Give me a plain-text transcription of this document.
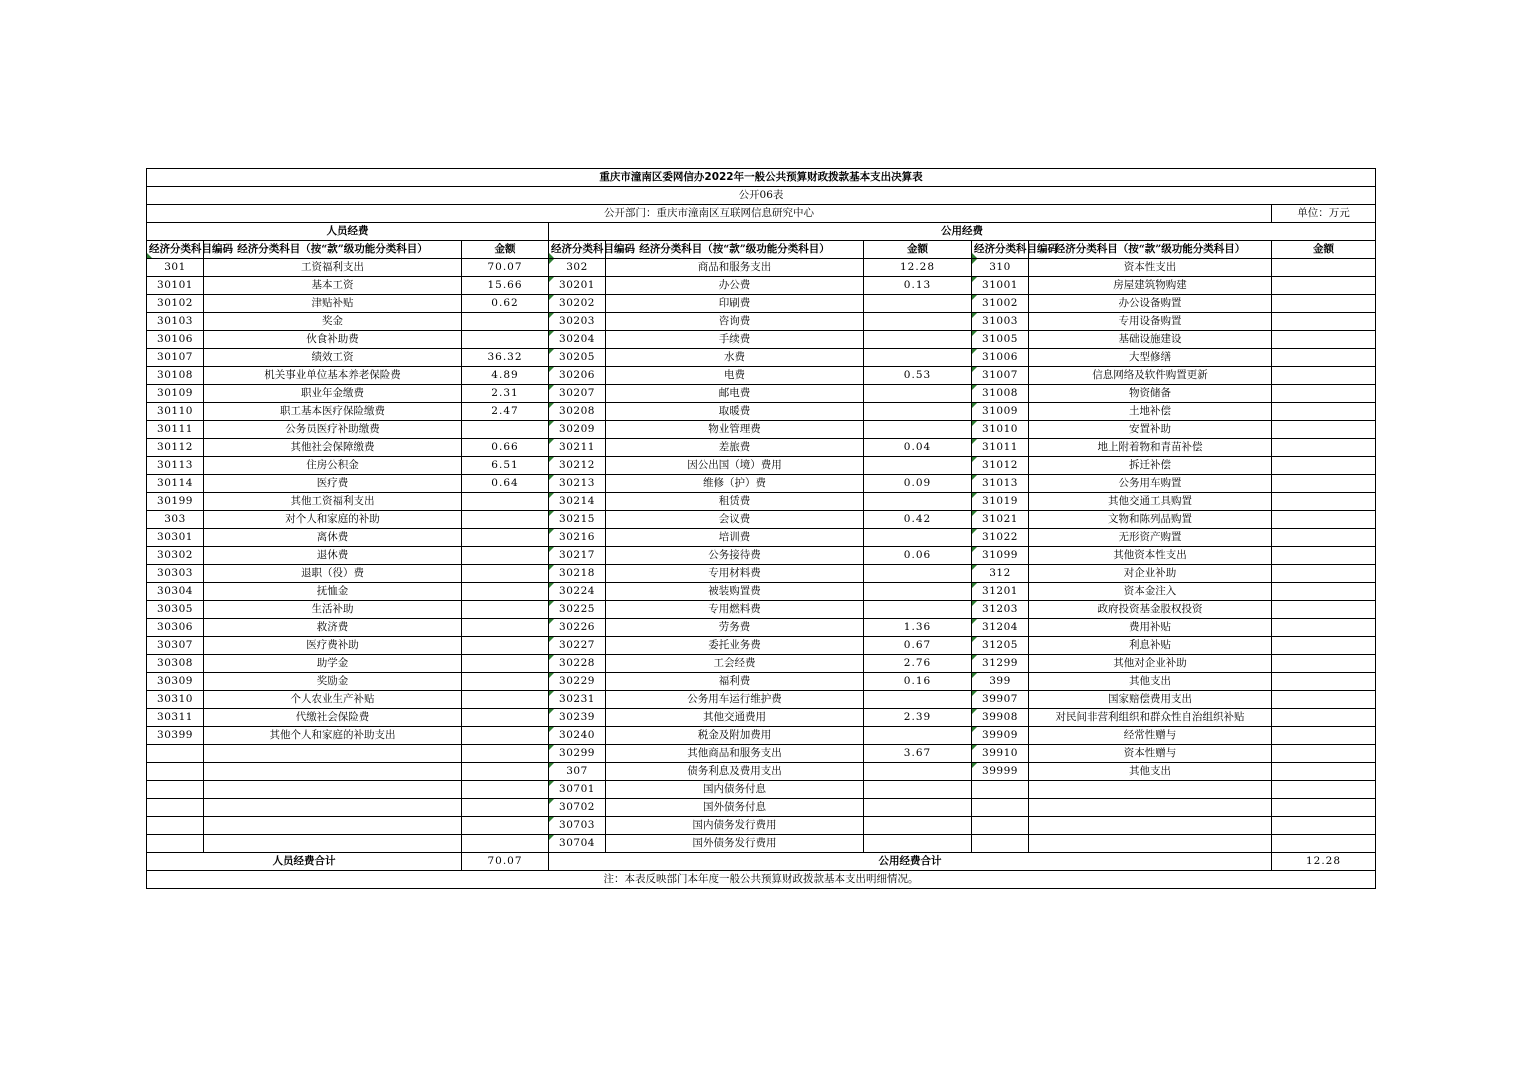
重庆市潼南区委网信办2022年一般公共预算财政拨款基本支出决算表								
公开06表								
公开部门：重庆市潼南区互联网信息研究中心								单位：万元
人员经费			公用经费					
经济分类科目编码	经济分类科目（按“款”级功能分类科目）	金额	经济分类科目编码	经济分类科目（按“款”级功能分类科目）	金额	经济分类科目编码	经济分类科目（按“款”级功能分类科目）	金额
301	工资福利支出	70.07	302	商品和服务支出	12.28	310	资本性支出	
30101	基本工资	15.66	30201	办公费	0.13	31001	房屋建筑物购建	
30102	津贴补贴	0.62	30202	印刷费		31002	办公设备购置	
30103	奖金		30203	咨询费		31003	专用设备购置	
30106	伙食补助费		30204	手续费		31005	基础设施建设	
30107	绩效工资	36.32	30205	水费		31006	大型修缮	
30108	机关事业单位基本养老保险费	4.89	30206	电费	0.53	31007	信息网络及软件购置更新	
30109	职业年金缴费	2.31	30207	邮电费		31008	物资储备	
30110	职工基本医疗保险缴费	2.47	30208	取暖费		31009	土地补偿	
30111	公务员医疗补助缴费		30209	物业管理费		31010	安置补助	
30112	其他社会保障缴费	0.66	30211	差旅费	0.04	31011	地上附着物和青苗补偿	
30113	住房公积金	6.51	30212	因公出国（境）费用		31012	拆迁补偿	
30114	医疗费	0.64	30213	维修（护）费	0.09	31013	公务用车购置	
30199	其他工资福利支出		30214	租赁费		31019	其他交通工具购置	
303	对个人和家庭的补助		30215	会议费	0.42	31021	文物和陈列品购置	
30301	离休费		30216	培训费		31022	无形资产购置	
30302	退休费		30217	公务接待费	0.06	31099	其他资本性支出	
30303	退职（役）费		30218	专用材料费		312	对企业补助	
30304	抚恤金		30224	被装购置费		31201	资本金注入	
30305	生活补助		30225	专用燃料费		31203	政府投资基金股权投资	
30306	救济费		30226	劳务费	1.36	31204	费用补贴	
30307	医疗费补助		30227	委托业务费	0.67	31205	利息补贴	
30308	助学金		30228	工会经费	2.76	31299	其他对企业补助	
30309	奖励金		30229	福利费	0.16	399	其他支出	
30310	个人农业生产补贴		30231	公务用车运行维护费		39907	国家赔偿费用支出	
30311	代缴社会保险费		30239	其他交通费用	2.39	39908	对民间非营利组织和群众性自治组织补贴	
30399	其他个人和家庭的补助支出		30240	税金及附加费用		39909	经常性赠与	
			30299	其他商品和服务支出	3.67	39910	资本性赠与	
			307	债务利息及费用支出		39999	其他支出	
			30701	国内债务付息				
			30702	国外债务付息				
			30703	国内债务发行费用				
			30704	国外债务发行费用				
人员经费合计		70.07	公用经费合计					12.28
注：本表反映部门本年度一般公共预算财政拨款基本支出明细情况。								
